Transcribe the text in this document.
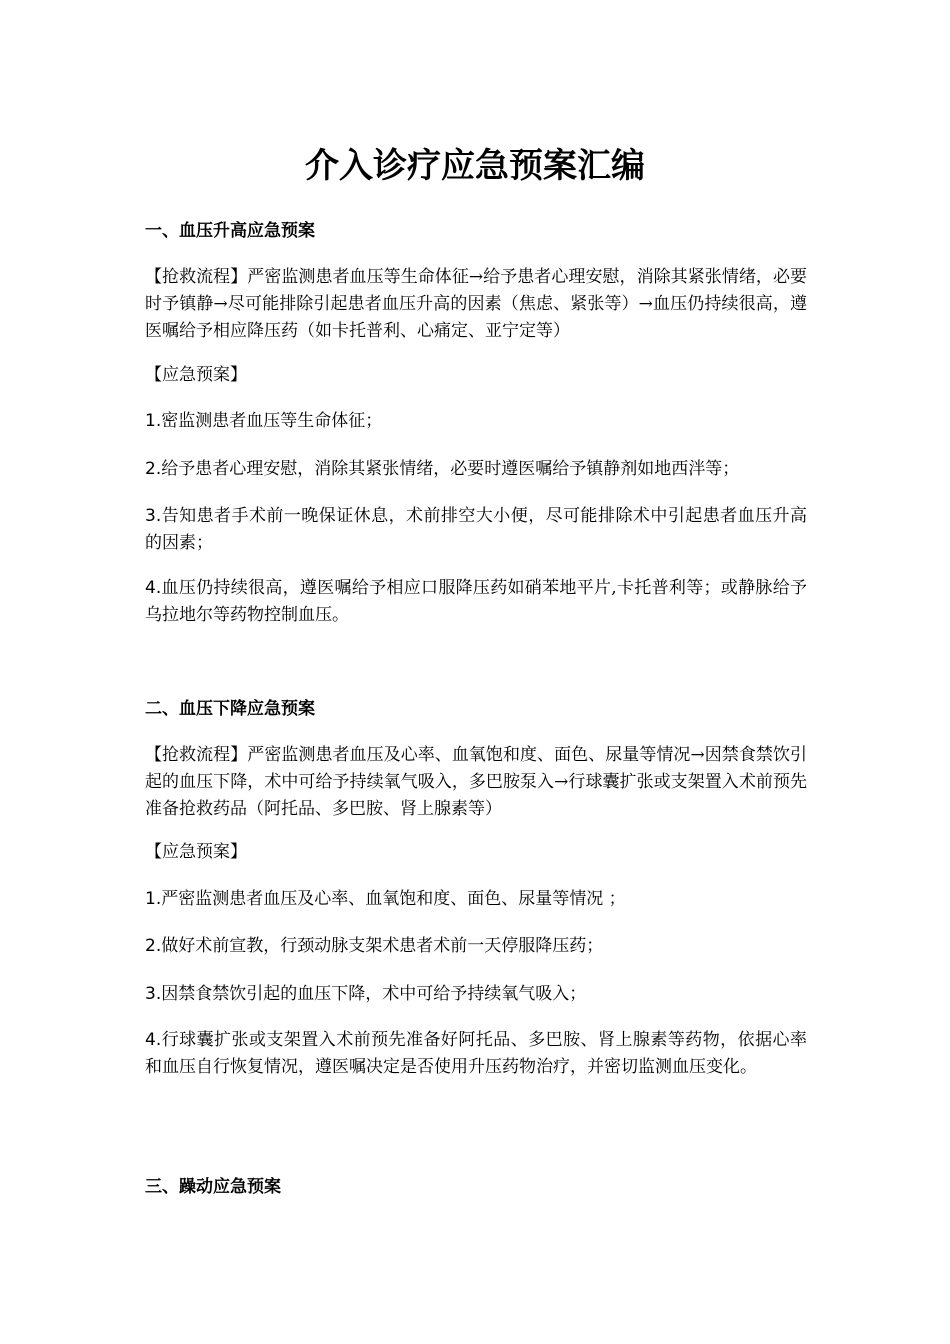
介入诊疗应急预案汇编
一、血压升高应急预案

【抢救流程】严密监测患者血压等生命体征→给予患者心理安慰，消除其紧张情绪，必要时予镇静→尽可能排除引起患者血压升高的因素（焦虑、紧张等）→血压仍持续很高，遵医嘱给予相应降压药（如卡托普利、心痛定、亚宁定等）

【应急预案】

1.密监测患者血压等生命体征；

2.给予患者心理安慰，消除其紧张情绪，必要时遵医嘱给予镇静剂如地西泮等；

3.告知患者手术前一晚保证休息，术前排空大小便，尽可能排除术中引起患者血压升高的因素；

4.血压仍持续很高，遵医嘱给予相应口服降压药如硝苯地平片,卡托普利等；或静脉给予乌拉地尔等药物控制血压。

二、血压下降应急预案

【抢救流程】严密监测患者血压及心率、血氧饱和度、面色、尿量等情况→因禁食禁饮引起的血压下降，术中可给予持续氧气吸入，多巴胺泵入→行球囊扩张或支架置入术前预先准备抢救药品（阿托品、多巴胺、肾上腺素等）

【应急预案】

1.严密监测患者血压及心率、血氧饱和度、面色、尿量等情况 ；

2.做好术前宣教，行颈动脉支架术患者术前一天停服降压药；

3.因禁食禁饮引起的血压下降，术中可给予持续氧气吸入；

4.行球囊扩张或支架置入术前预先准备好阿托品、多巴胺、肾上腺素等药物，依据心率和血压自行恢复情况，遵医嘱决定是否使用升压药物治疗，并密切监测血压变化。

三、躁动应急预案
